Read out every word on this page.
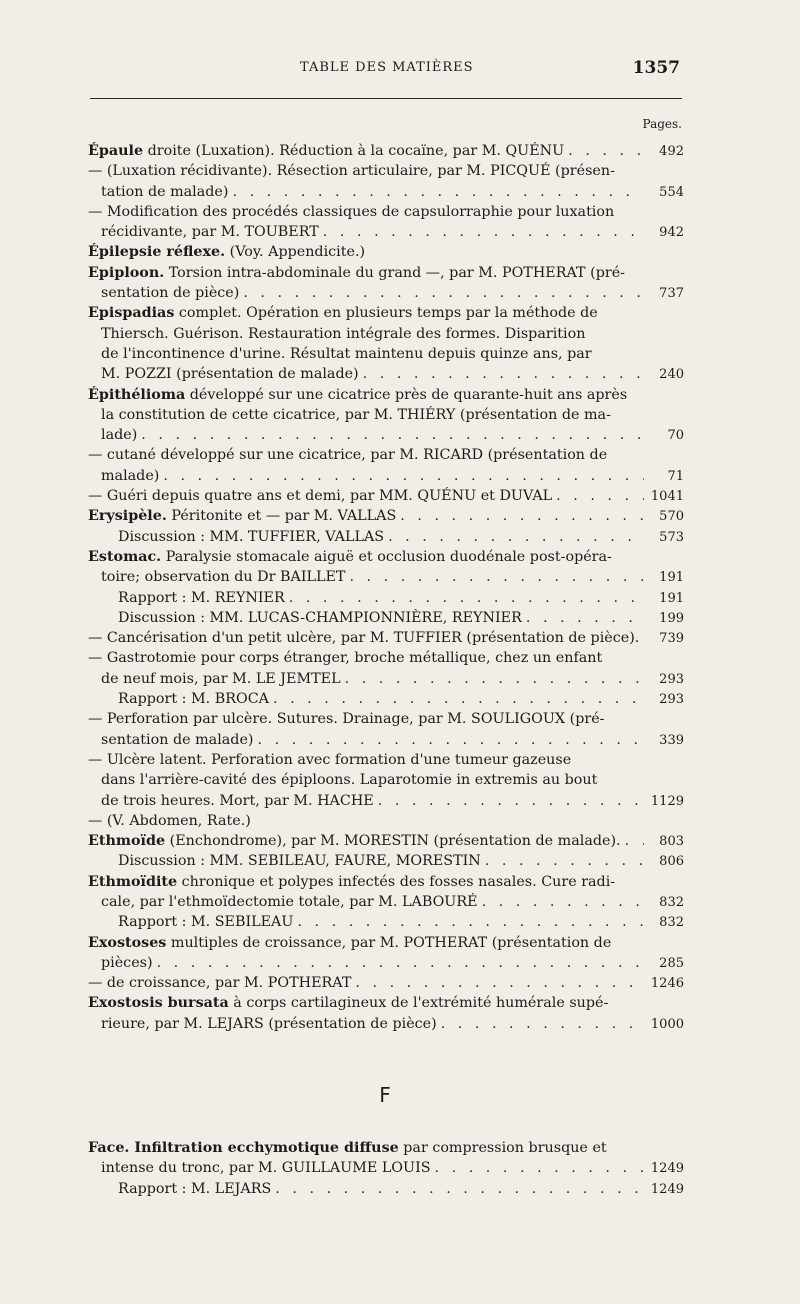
TABLE DES MATIÈRES	1357
Pages.
Épaule droite (Luxation). Réduction à la cocaïne, par M. QUÉNU . . .	492
— (Luxation récidivante). Résection articulaire, par M. PICQUÉ (présen-
tation de malade) . . .	554
— Modification des procédés classiques de capsulorraphie pour luxation
récidivante, par M. TOUBERT . . .	942
Épilepsie réflexe. (Voy. Appendicite.)
Epiploon. Torsion intra-abdominale du grand —, par M. POTHERAT (pré-
sentation de pièce) . . .	737
Epispadias complet. Opération en plusieurs temps par la méthode de
Thiersch. Guérison. Restauration intégrale des formes. Disparition
de l'incontinence d'urine. Résultat maintenu depuis quinze ans, par
M. POZZI (présentation de malade) . . .	240
Épithélioma développé sur une cicatrice près de quarante-huit ans après
la constitution de cette cicatrice, par M. THIÉRY (présentation de ma-
lade) . . .	70
— cutané développé sur une cicatrice, par M. RICARD (présentation de
malade) . . .	71
— Guéri depuis quatre ans et demi, par MM. QUÉNU et DUVAL . . .	1041
Erysipèle. Péritonite et — par M. VALLAS . . .	570
Discussion : MM. TUFFIER, VALLAS . . .	573
Estomac. Paralysie stomacale aiguë et occlusion duodénale post-opéra-
toire; observation du Dr BAILLET . . .	191
Rapport : M. REYNIER . . .	191
Discussion : MM. LUCAS-CHAMPIONNIÈRE, REYNIER . . .	199
— Cancérisation d'un petit ulcère, par M. TUFFIER (présentation de pièce). . . .	739
— Gastrotomie pour corps étranger, broche métallique, chez un enfant
de neuf mois, par M. LE JEMTEL . . .	293
Rapport : M. BROCA . . .	293
— Perforation par ulcère. Sutures. Drainage, par M. SOULIGOUX (pré-
sentation de malade) . . .	339
— Ulcère latent. Perforation avec formation d'une tumeur gazeuse
dans l'arrière-cavité des épiploons. Laparotomie in extremis au bout
de trois heures. Mort, par M. HACHE . . .	1129
— (V. Abdomen, Rate.)
Ethmoïde (Enchondrome), par M. MORESTIN (présentation de malade). . . .	803
Discussion : MM. SEBILEAU, FAURE, MORESTIN . . .	806
Ethmoïdite chronique et polypes infectés des fosses nasales. Cure radi-
cale, par l'ethmoïdectomie totale, par M. LABOURÉ . . .	832
Rapport : M. SEBILEAU . . .	832
Exostoses multiples de croissance, par M. POTHERAT (présentation de
pièces) . . .	285
— de croissance, par M. POTHERAT . . .	1246
Exostosis bursata à corps cartilagineux de l'extrémité humérale supé-
rieure, par M. LEJARS (présentation de pièce) . . .	1000
F
Face. Infiltration ecchymotique diffuse par compression brusque et
intense du tronc, par M. GUILLAUME LOUIS . . .	1249
Rapport : M. LEJARS . . .	1249
